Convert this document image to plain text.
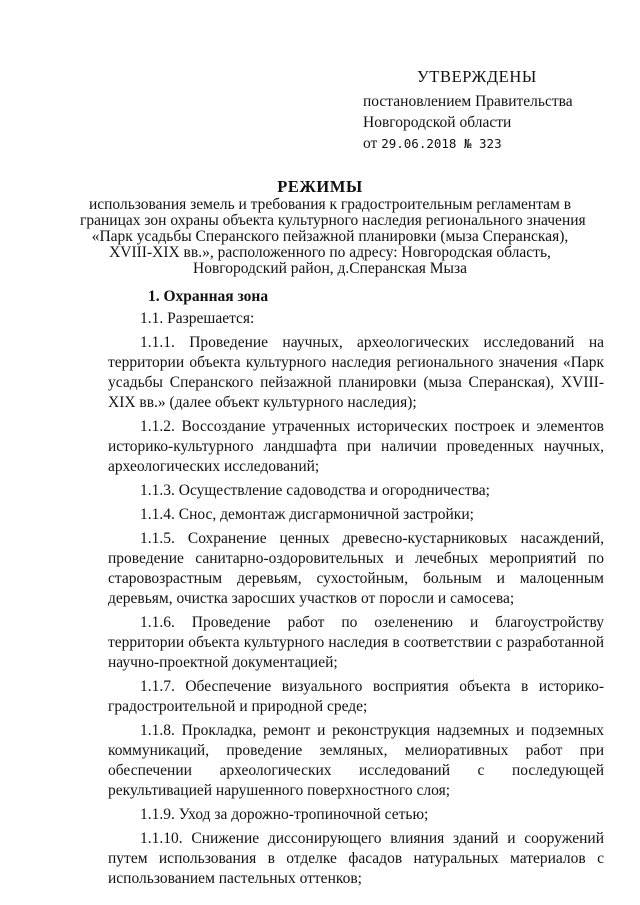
УТВЕРЖДЕНЫ
постановлением Правительства
Новгородской области
от 29.06.2018 № 323
РЕЖИМЫ
использования земель и требования к градостроительным регламентам в
границах зон охраны объекта культурного наследия регионального значения
«Парк усадьбы Сперанского пейзажной планировки (мыза Сперанская),
XVIII-XIX вв.», расположенного по адресу: Новгородская область,
Новгородский район, д.Сперанская Мыза
1. Охранная зона

1.1. Разрешается:

1.1.1. Проведение научных, археологических исследований на территории объекта культурного наследия регионального значения «Парк усадьбы Сперанского пейзажной планировки (мыза Сперанская), XVIII-XIX вв.» (далее объект культурного наследия);

1.1.2. Воссоздание утраченных исторических построек и элементов историко-культурного ландшафта при наличии проведенных научных, археологических исследований;

1.1.3. Осуществление садоводства и огородничества;

1.1.4. Снос, демонтаж дисгармоничной застройки;

1.1.5. Сохранение ценных древесно-кустарниковых насаждений, проведение санитарно-оздоровительных и лечебных мероприятий по старовозрастным деревьям, сухостойным, больным и малоценным деревьям, очистка заросших участков от поросли и самосева;

1.1.6. Проведение работ по озеленению и благоустройству территории объекта культурного наследия в соответствии с разработанной научно-проектной документацией;

1.1.7. Обеспечение визуального восприятия объекта в историко-градостроительной и природной среде;

1.1.8. Прокладка, ремонт и реконструкция надземных и подземных коммуникаций, проведение земляных, мелиоративных работ при обеспечении археологических исследований с последующей рекультивацией нарушенного поверхностного слоя;

1.1.9. Уход за дорожно-тропиночной сетью;

1.1.10. Снижение диссонирующего влияния зданий и сооружений путем использования в отделке фасадов натуральных материалов с использованием пастельных оттенков;
